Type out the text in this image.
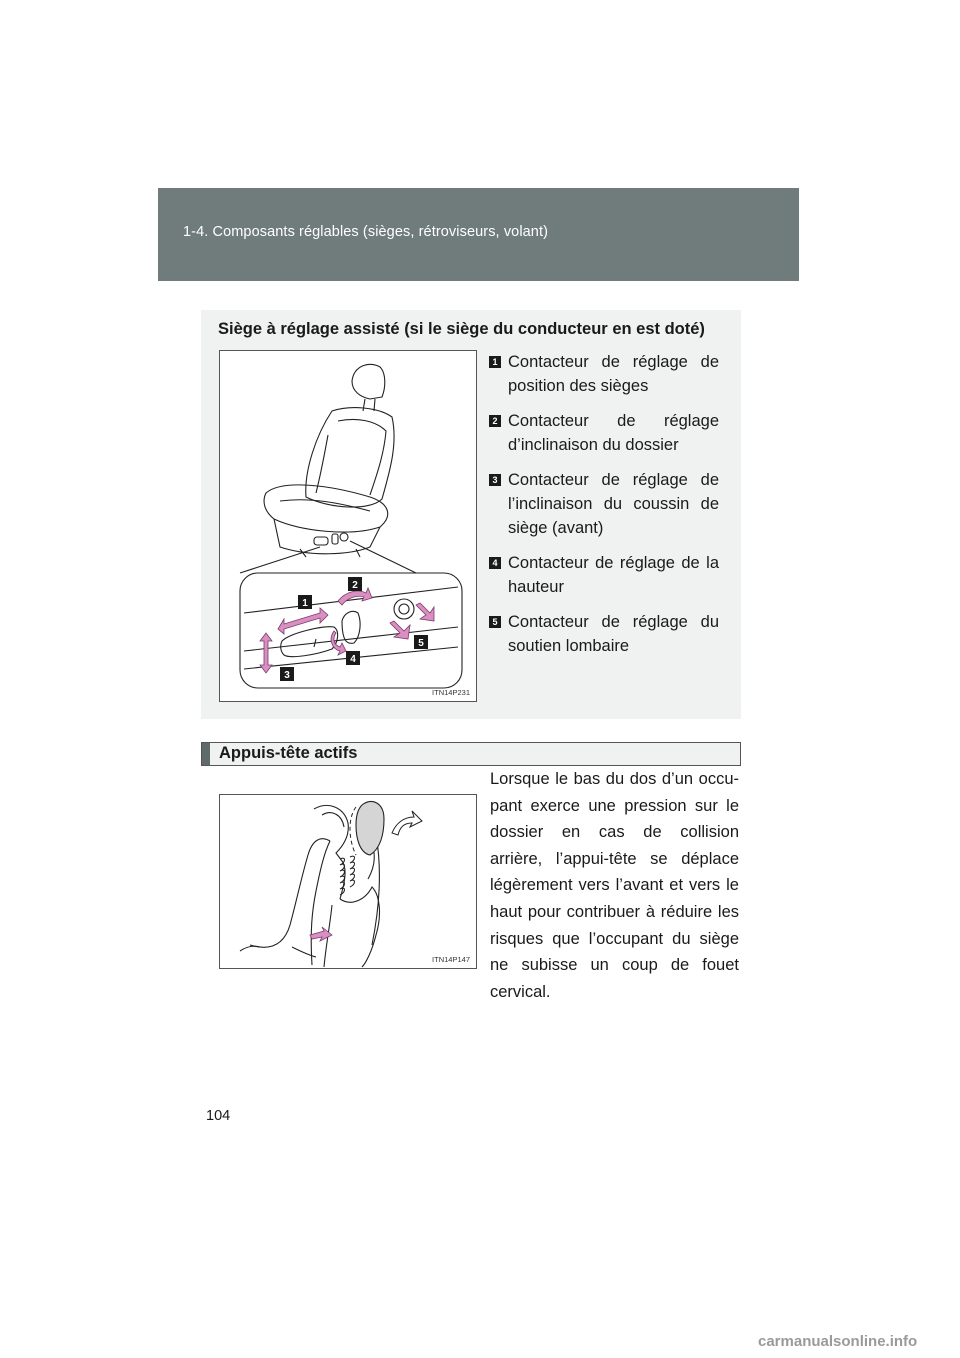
1-4. Composants réglables (sièges, rétroviseurs, volant)
Siège à réglage assisté (si le siège du conducteur en est doté)
1
2
3
4
5
ITN14P231
1 Contacteur de réglage de position des sièges
2 Contacteur de réglage d’inclinaison du dossier
3 Contacteur de réglage de l’inclinaison du coussin de siège (avant)
4 Contacteur de réglage de la hauteur
5 Contacteur de réglage du soutien lombaire
Appuis-tête actifs
ITN14P147

Lorsque le bas du dos d’un occu-pant exerce une pression sur le dossier en cas de collision arrière, l’appui-tête se déplace légèrement vers l’avant et vers le haut pour contribuer à réduire les risques que l’occupant du siège ne subisse un coup de fouet cervical.

104
carmanualsonline.info
